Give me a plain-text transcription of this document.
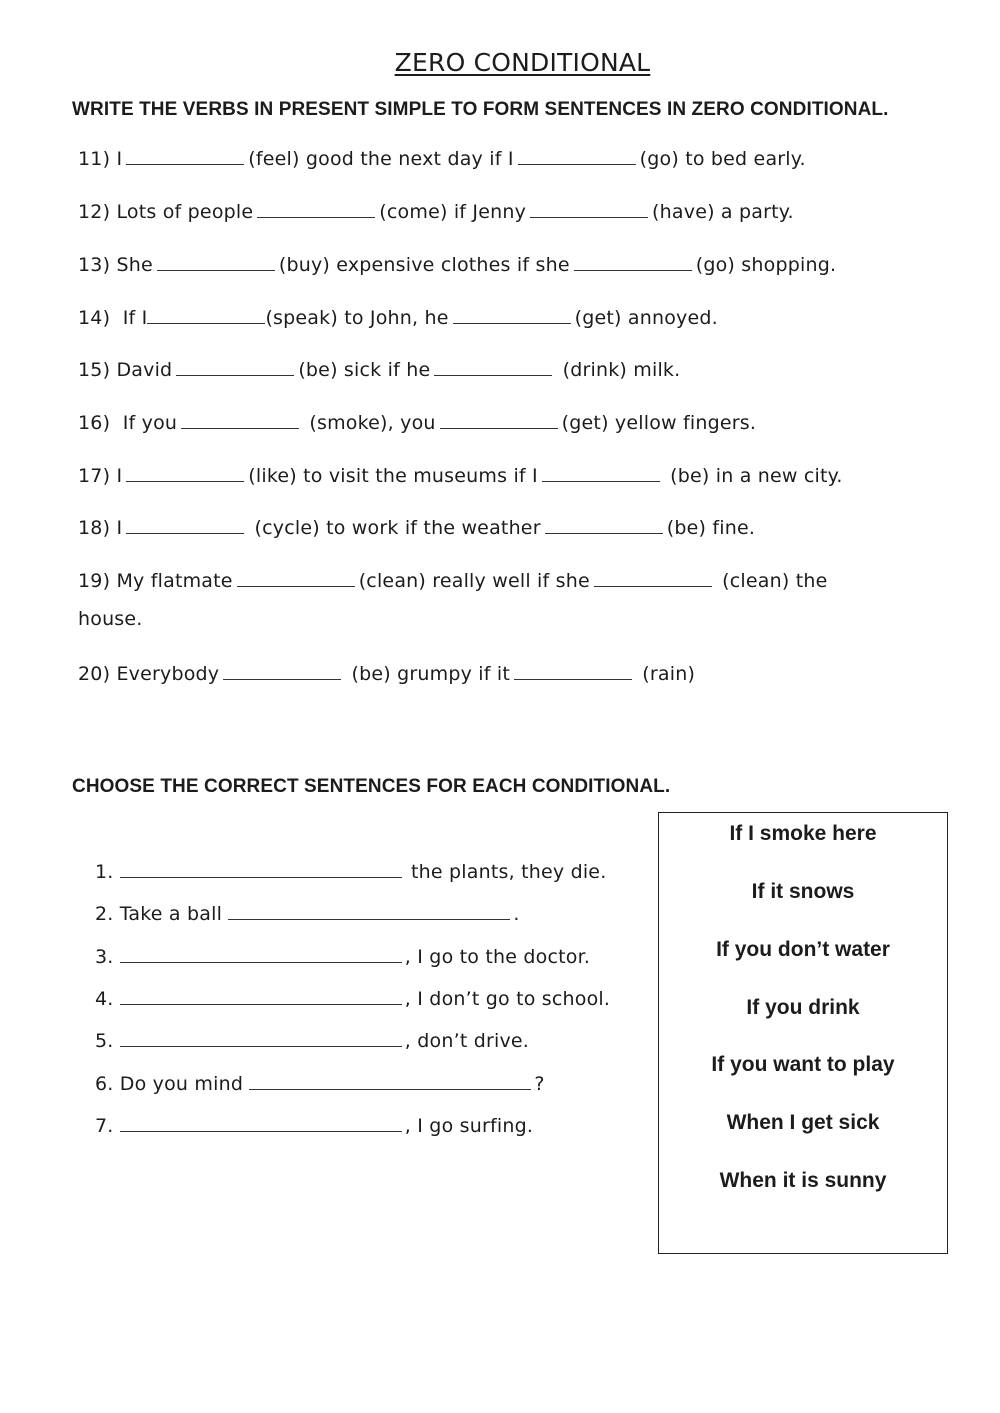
ZERO CONDITIONAL
WRITE THE VERBS IN PRESENT SIMPLE TO FORM SENTENCES IN ZERO CONDITIONAL.
11) I	(feel) good the next day if I	(go) to bed early.
12) Lots of people	(come) if Jenny	(have) a party.
13) She	(buy) expensive clothes if she	(go) shopping.
14) If I	(speak) to John, he	(get) annoyed.
15) David	(be) sick if he	(drink) milk.
16) If you	(smoke), you	(get) yellow fingers.
17) I	(like) to visit the museums if I	(be) in a new city.
18) I	(cycle) to work if the weather	(be) fine.
19) My flatmate	(clean) really well if she	(clean) the
house.
20) Everybody	(be) grumpy if it	(rain)
CHOOSE THE CORRECT SENTENCES FOR EACH CONDITIONAL.
1.	the plants, they die.
2. Take a ball	.
3.	, I go to the doctor.
4.	, I don’t go to school.
5.	, don’t drive.
6. Do you mind	?
7.	, I go surfing.
If I smoke here
If it snows
If you don’t water
If you drink
If you want to play
When I get sick
When it is sunny
